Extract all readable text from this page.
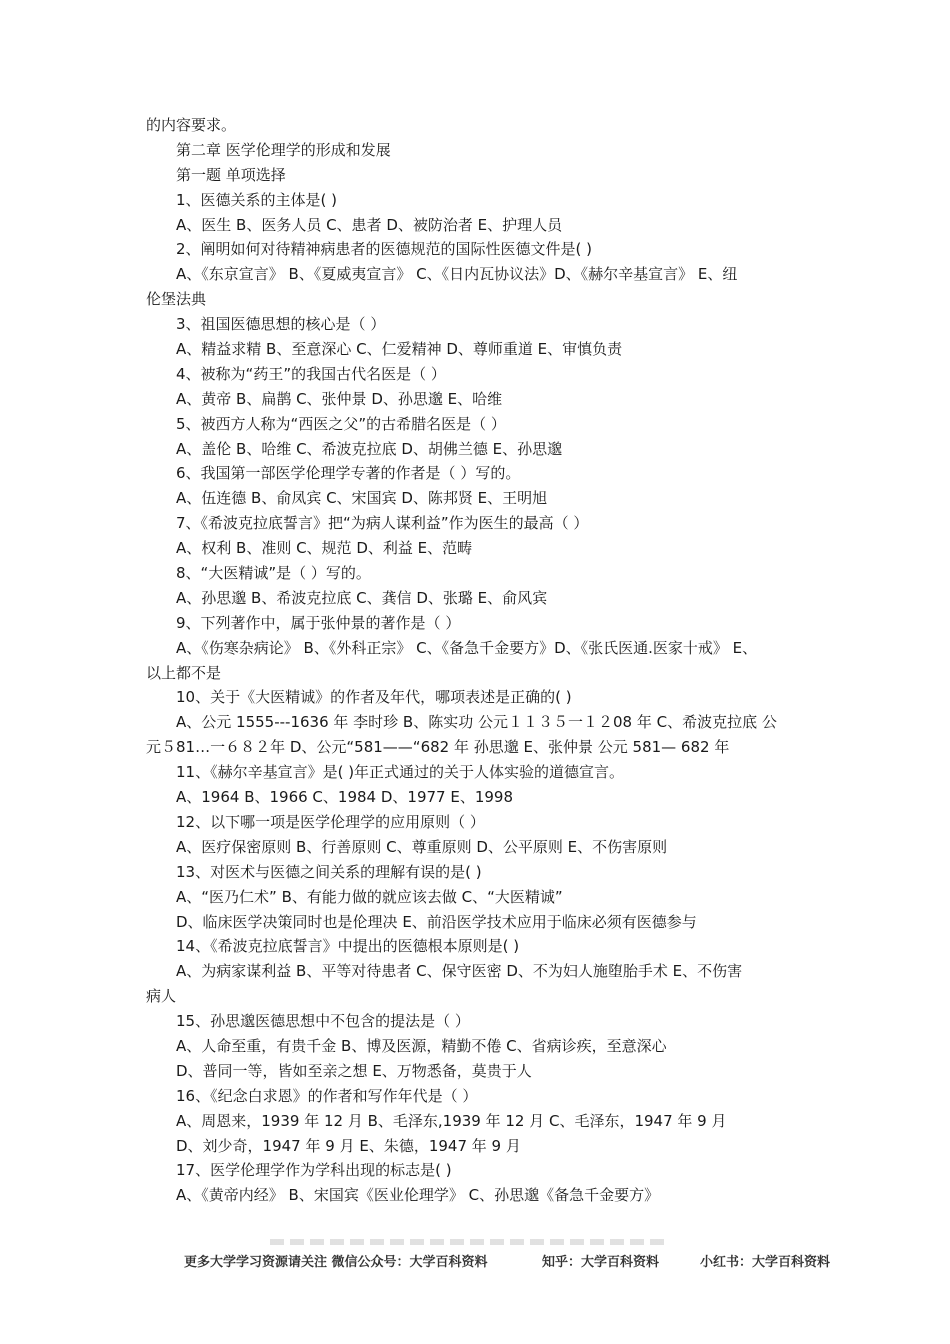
的内容要求。
第二章 医学伦理学的形成和发展
第一题 单项选择
1、医德关系的主体是( )
A、医生 B、医务人员 C、患者 D、被防治者 E、护理人员
2、阐明如何对待精神病患者的医德规范的国际性医德文件是( )
A、《东京宣言》 B、《夏威夷宣言》 C、《日内瓦协议法》D、《赫尔辛基宣言》 E、纽
伦堡法典
3、祖国医德思想的核心是（ ）
A、精益求精 B、至意深心 C、仁爱精神 D、尊师重道 E、审慎负责
4、被称为“药王”的我国古代名医是（ ）
A、黄帝 B、扁鹊 C、张仲景 D、孙思邈 E、哈维
5、被西方人称为“西医之父”的古希腊名医是（ ）
A、盖伦 B、哈维 C、希波克拉底 D、胡佛兰德 E、孙思邈
6、我国第一部医学伦理学专著的作者是（ ）写的。
A、伍连德 B、俞凤宾 C、宋国宾 D、陈邦贤 E、王明旭
7、《希波克拉底誓言》把“为病人谋利益”作为医生的最高（ ）
A、权利 B、准则 C、规范 D、利益 E、范畴
8、“大医精诚”是（ ）写的。
A、孙思邈 B、希波克拉底 C、龚信 D、张璐 E、俞风宾
9、下列著作中，属于张仲景的著作是（ ）
A、《伤寒杂病论》 B、《外科正宗》 C、《备急千金要方》D、《张氏医通.医家十戒》 E、
以上都不是
10、关于《大医精诚》的作者及年代，哪项表述是正确的( )
A、公元 1555---1636 年 李时珍 B、陈实功 公元１１３５一１２08 年 C、希波克拉底 公
元５81…一６８２年 D、公元“581——“682 年 孙思邈 E、张仲景 公元 581— 682 年
11、《赫尔辛基宣言》是( )年正式通过的关于人体实验的道德宣言。
A、1964 B、1966 C、1984 D、1977 E、1998
12、以下哪一项是医学伦理学的应用原则（ ）
A、医疗保密原则 B、行善原则 C、尊重原则 D、公平原则 E、不伤害原则
13、对医术与医德之间关系的理解有误的是( )
A、“医乃仁术” B、有能力做的就应该去做 C、“大医精诚”
D、临床医学决策同时也是伦理决 E、前沿医学技术应用于临床必须有医德参与
14、《希波克拉底誓言》中提出的医德根本原则是( )
A、为病家谋利益 B、平等对待患者 C、保守医密 D、不为妇人施堕胎手术 E、不伤害
病人
15、孙思邈医德思想中不包含的提法是（ ）
A、人命至重，有贵千金 B、博及医源，精勤不倦 C、省病诊疾，至意深心
D、普同一等，皆如至亲之想 E、万物悉备，莫贵于人
16、《纪念白求恩》的作者和写作年代是（ ）
A、周恩来，1939 年 12 月 B、毛泽东,1939 年 12 月 C、毛泽东，1947 年 9 月
D、刘少奇，1947 年 9 月 E、朱德，1947 年 9 月
17、医学伦理学作为学科出现的标志是( )
A、《黄帝内经》 B、宋国宾《医业伦理学》 C、孙思邈《备急千金要方》
更多大学学习资源请关注 微信公众号：大学百科资料	知乎：大学百科资料	小红书：大学百科资料
